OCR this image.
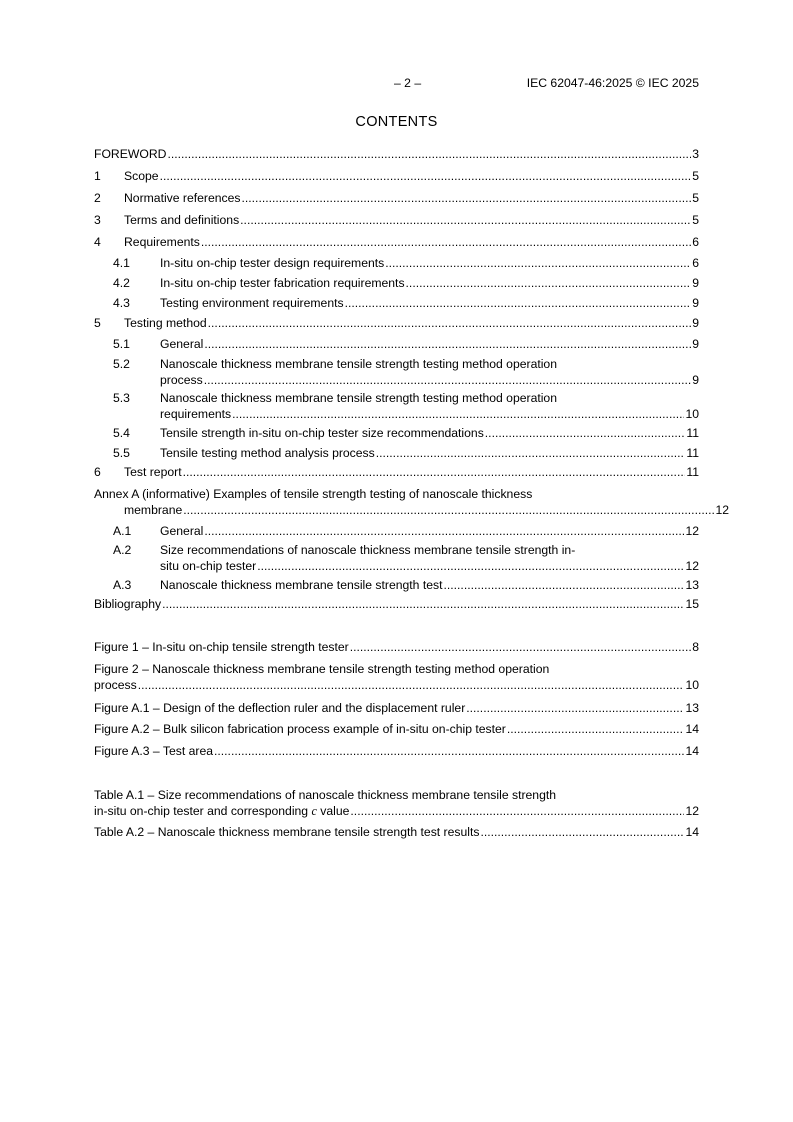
– 2 –	IEC 62047-46:2025 © IEC 2025
CONTENTS
FOREWORD .....	3
1 Scope .....	5
2 Normative references .....	5
3 Terms and definitions .....	5
4 Requirements .....	6
4.1 In-situ on-chip tester design requirements .....	6
4.2 In-situ on-chip tester fabrication requirements .....	9
4.3 Testing environment requirements .....	9
5 Testing method .....	9
5.1 General .....	9
5.2 Nanoscale thickness membrane tensile strength testing method operation
process .....	9
5.3 Nanoscale thickness membrane tensile strength testing method operation
requirements .....	10
5.4 Tensile strength in-situ on-chip tester size recommendations .....	11
5.5 Tensile testing method analysis process .....	11
6 Test report .....	11
Annex A (informative) Examples of tensile strength testing of nanoscale thickness
membrane .....	12
A.1 General .....	12
A.2 Size recommendations of nanoscale thickness membrane tensile strength in-
situ on-chip tester .....	12
A.3 Nanoscale thickness membrane tensile strength test .....	13
Bibliography .....	15
Figure 1 – In-situ on-chip tensile strength tester .....	8
Figure 2 – Nanoscale thickness membrane tensile strength testing method operation
process .....	10
Figure A.1 – Design of the deflection ruler and the displacement ruler .....	13
Figure A.2 – Bulk silicon fabrication process example of in-situ on-chip tester .....	14
Figure A.3 – Test area .....	14
Table A.1 – Size recommendations of nanoscale thickness membrane tensile strength
in-situ on-chip tester and corresponding c value .....	12
Table A.2 – Nanoscale thickness membrane tensile strength test results .....	14
